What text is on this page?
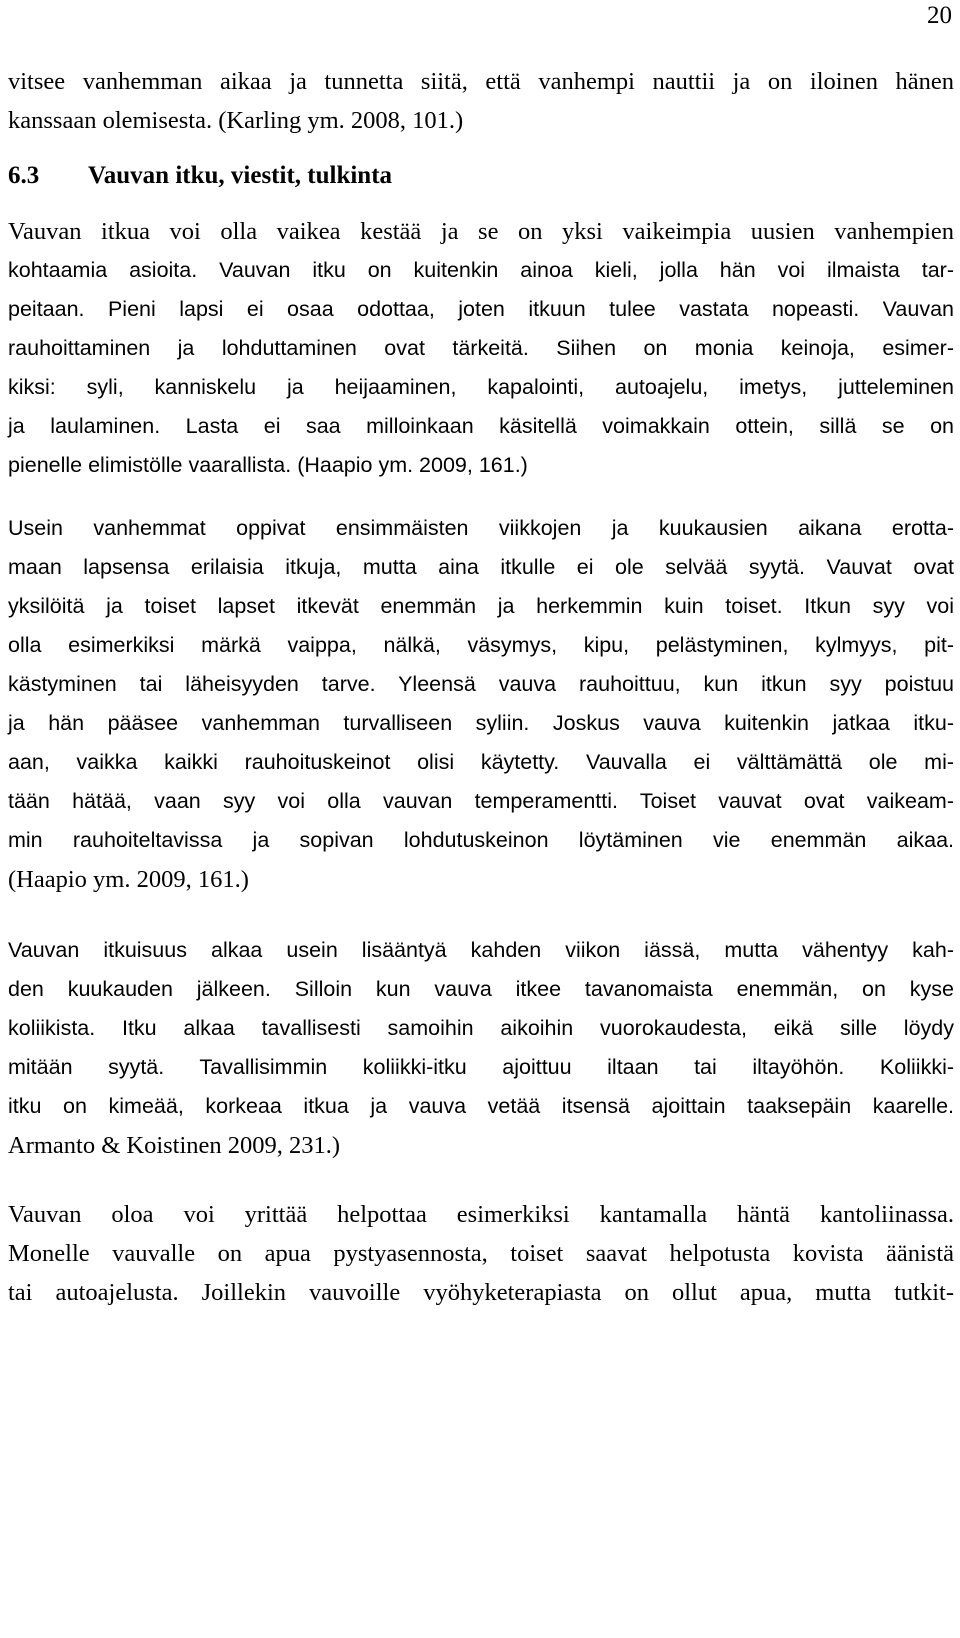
20
vitsee vanhemman aikaa ja tunnetta siitä, että vanhempi nauttii ja on iloinen hänen
kanssaan olemisesta. (Karling ym. 2008, 101.)
6.3 Vauvan itku, viestit, tulkinta
Vauvan itkua voi olla vaikea kestää ja se on yksi vaikeimpia uusien vanhempien
kohtaamia asioita. Vauvan itku on kuitenkin ainoa kieli, jolla hän voi ilmaista tar-
peitaan. Pieni lapsi ei osaa odottaa, joten itkuun tulee vastata nopeasti. Vauvan
rauhoittaminen ja lohduttaminen ovat tärkeitä. Siihen on monia keinoja, esimer-
kiksi: syli, kanniskelu ja heijaaminen, kapalointi, autoajelu, imetys, jutteleminen
ja laulaminen. Lasta ei saa milloinkaan käsitellä voimakkain ottein, sillä se on
pienelle elimistölle vaarallista. (Haapio ym. 2009, 161.)
Usein vanhemmat oppivat ensimmäisten viikkojen ja kuukausien aikana erotta-
maan lapsensa erilaisia itkuja, mutta aina itkulle ei ole selvää syytä. Vauvat ovat
yksilöitä ja toiset lapset itkevät enemmän ja herkemmin kuin toiset. Itkun syy voi
olla esimerkiksi märkä vaippa, nälkä, väsymys, kipu, pelästyminen, kylmyys, pit-
kästyminen tai läheisyyden tarve. Yleensä vauva rauhoittuu, kun itkun syy poistuu
ja hän pääsee vanhemman turvalliseen syliin. Joskus vauva kuitenkin jatkaa itku-
aan, vaikka kaikki rauhoituskeinot olisi käytetty. Vauvalla ei välttämättä ole mi-
tään hätää, vaan syy voi olla vauvan temperamentti. Toiset vauvat ovat vaikeam-
min rauhoiteltavissa ja sopivan lohdutuskeinon löytäminen vie enemmän aikaa.
(Haapio ym. 2009, 161.)
Vauvan itkuisuus alkaa usein lisääntyä kahden viikon iässä, mutta vähentyy kah-
den kuukauden jälkeen. Silloin kun vauva itkee tavanomaista enemmän, on kyse
koliikista. Itku alkaa tavallisesti samoihin aikoihin vuorokaudesta, eikä sille löydy
mitään syytä. Tavallisimmin koliikki-itku ajoittuu iltaan tai iltayöhön. Koliikki-
itku on kimeää, korkeaa itkua ja vauva vetää itsensä ajoittain taaksepäin kaarelle.
Armanto & Koistinen 2009, 231.)
Vauvan oloa voi yrittää helpottaa esimerkiksi kantamalla häntä kantoliinassa.
Monelle vauvalle on apua pystyasennosta, toiset saavat helpotusta kovista äänistä
tai autoajelusta. Joillekin vauvoille vyöhyketerapiasta on ollut apua, mutta tutkit-
